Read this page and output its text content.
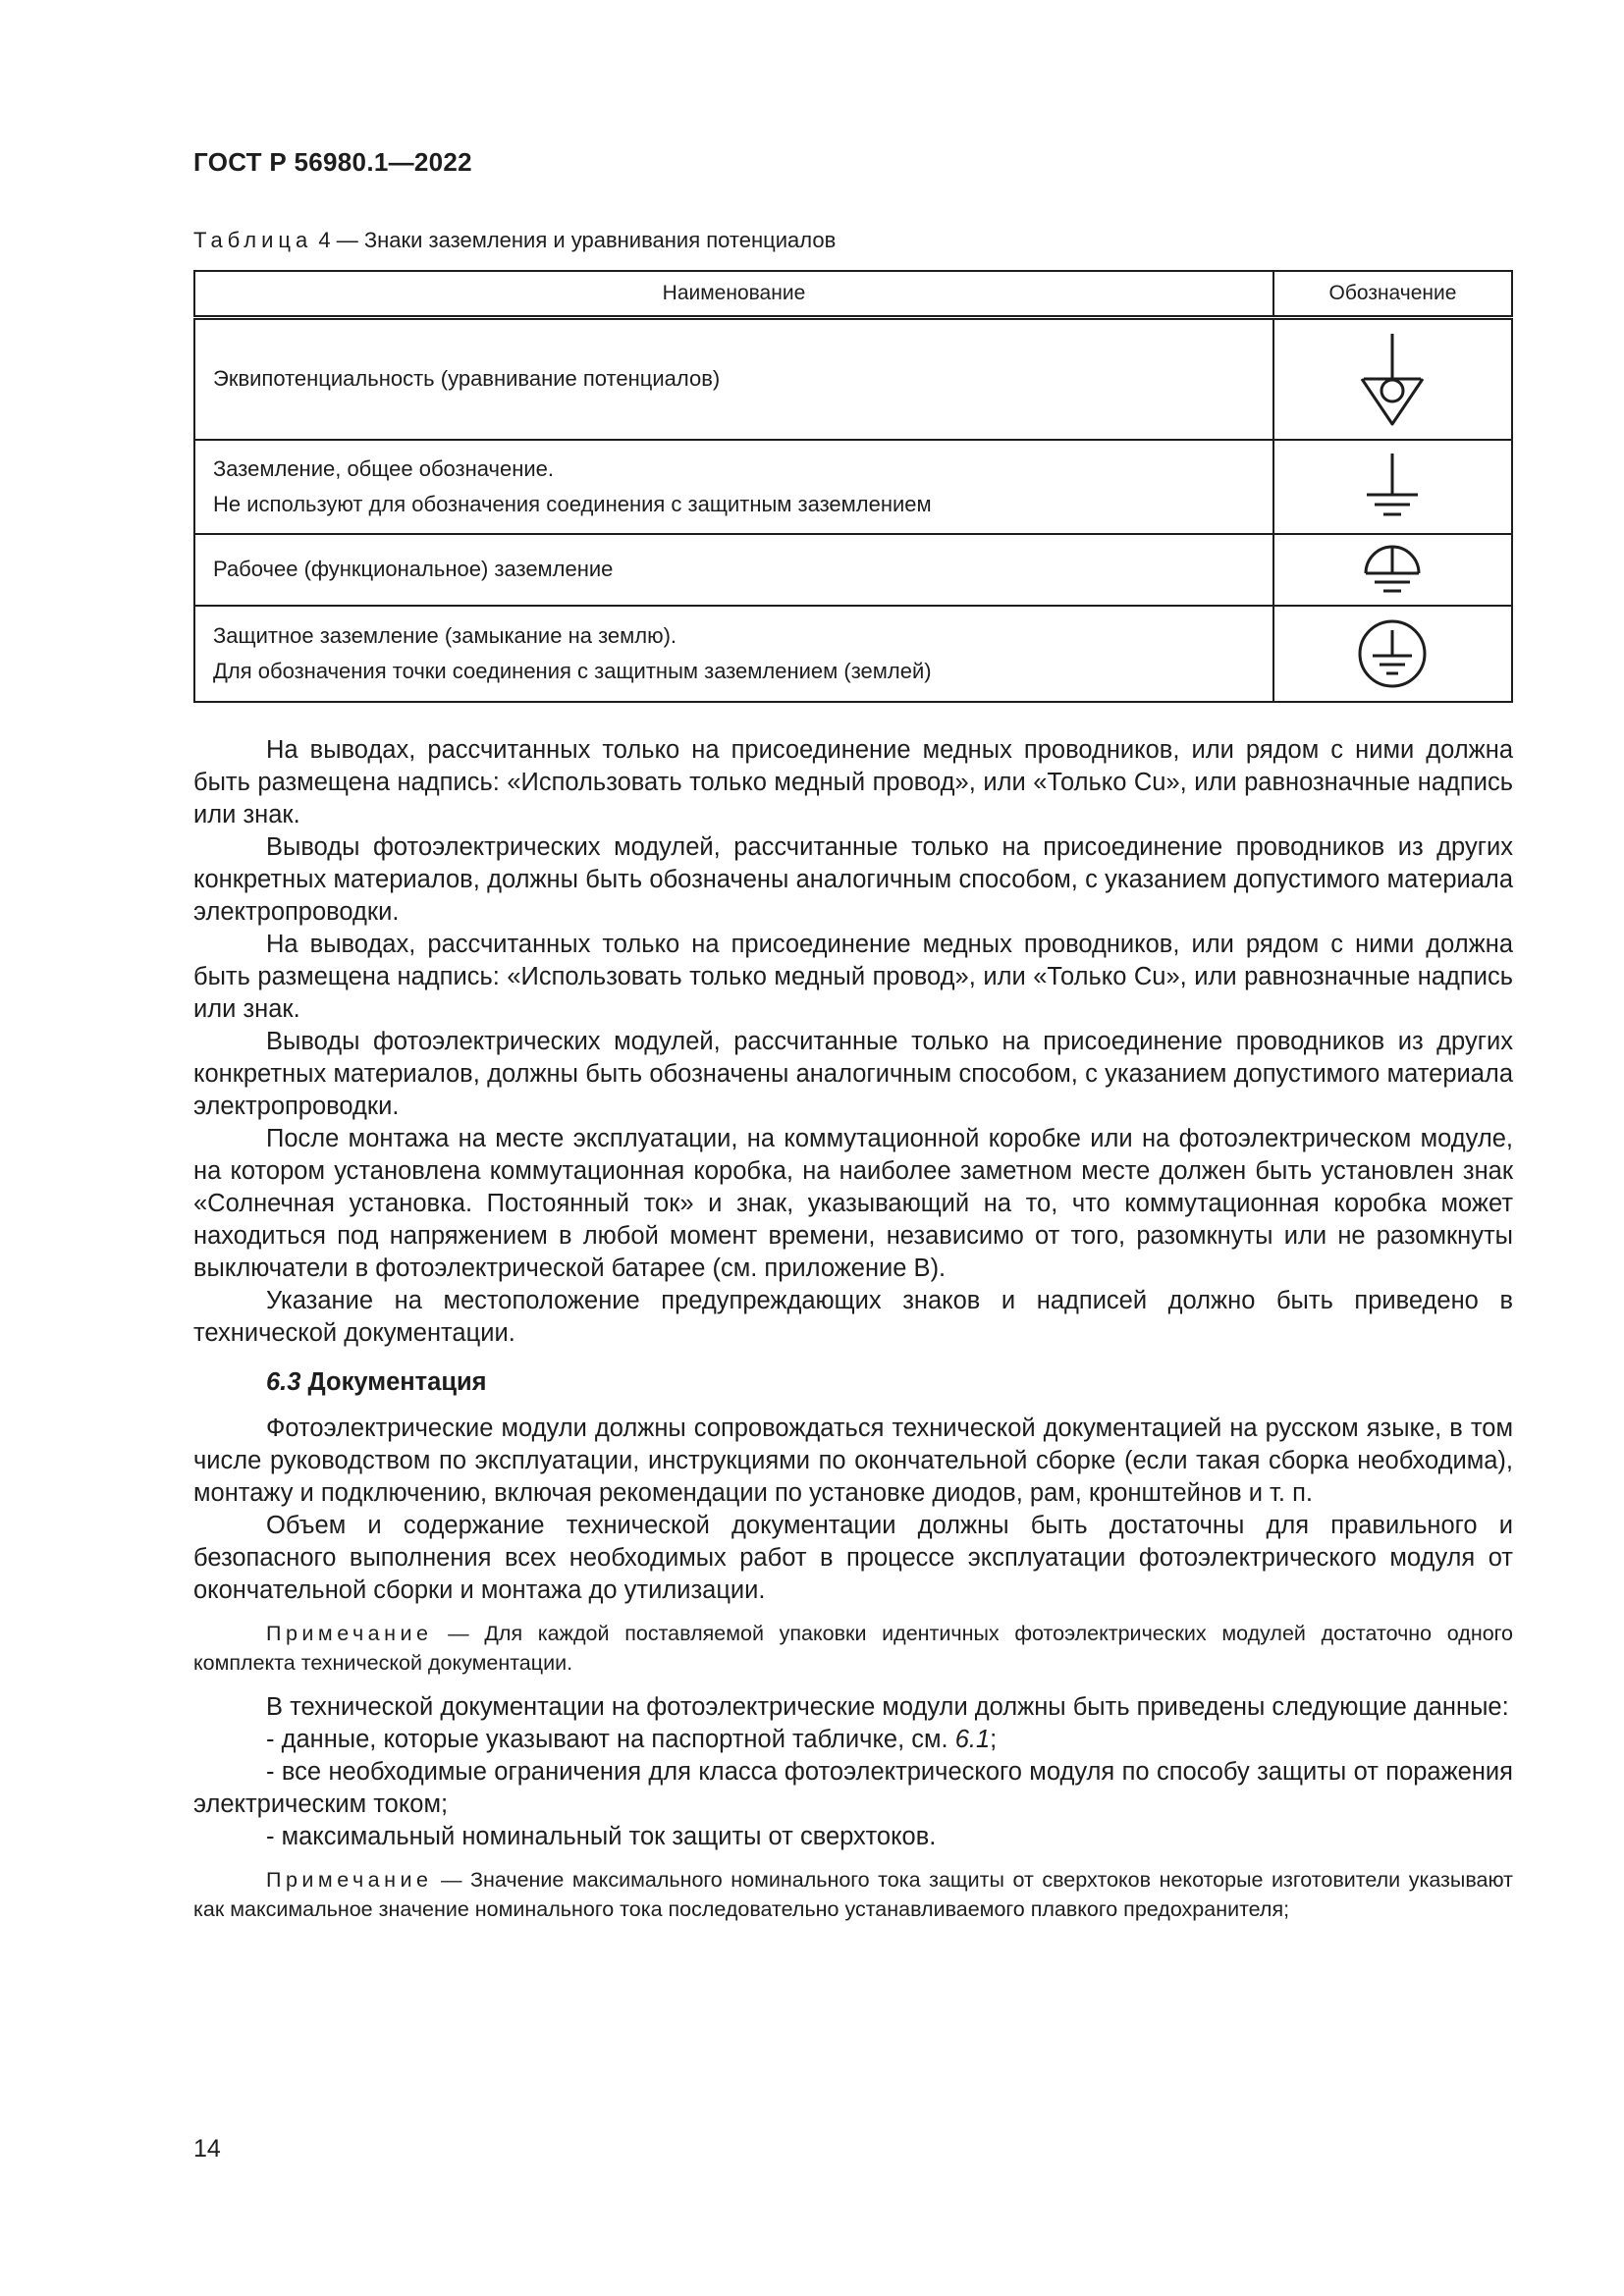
ГОСТ Р 56980.1—2022
Таблица 4 — Знаки заземления и уравнивания потенциалов
Наименование	Обозначение

Эквипотенциальность (уравнивание потенциалов)

Заземление, общее обозначение.
Не используют для обозначения соединения с защитным заземлением

Рабочее (функциональное) заземление

Защитное заземление (замыкание на землю).
Для обозначения точки соединения с защитным заземлением (землей)

На выводах, рассчитанных только на присоединение медных проводников, или рядом с ними должна быть размещена надпись: «Использовать только медный провод», или «Только Cu», или равнозначные надпись или знак.

Выводы фотоэлектрических модулей, рассчитанные только на присоединение проводников из других конкретных материалов, должны быть обозначены аналогичным способом, с указанием допустимого материала электропроводки.

На выводах, рассчитанных только на присоединение медных проводников, или рядом с ними должна быть размещена надпись: «Использовать только медный провод», или «Только Cu», или равнозначные надпись или знак.

Выводы фотоэлектрических модулей, рассчитанные только на присоединение проводников из других конкретных материалов, должны быть обозначены аналогичным способом, с указанием допустимого материала электропроводки.

После монтажа на месте эксплуатации, на коммутационной коробке или на фотоэлектрическом модуле, на котором установлена коммутационная коробка, на наиболее заметном месте должен быть установлен знак «Солнечная установка. Постоянный ток» и знак, указывающий на то, что коммутационная коробка может находиться под напряжением в любой момент времени, независимо от того, разомкнуты или не разомкнуты выключатели в фотоэлектрической батарее (см. приложение В).

Указание на местоположение предупреждающих знаков и надписей должно быть приведено в технической документации.

6.3 Документация

Фотоэлектрические модули должны сопровождаться технической документацией на русском языке, в том числе руководством по эксплуатации, инструкциями по окончательной сборке (если такая сборка необходима), монтажу и подключению, включая рекомендации по установке диодов, рам, кронштейнов и т. п.

Объем и содержание технической документации должны быть достаточны для правильного и безопасного выполнения всех необходимых работ в процессе эксплуатации фотоэлектрического модуля от окончательной сборки и монтажа до утилизации.

Примечание — Для каждой поставляемой упаковки идентичных фотоэлектрических модулей достаточно одного комплекта технической документации.

В технической документации на фотоэлектрические модули должны быть приведены следующие данные:

- данные, которые указывают на паспортной табличке, см. 6.1;

- все необходимые ограничения для класса фотоэлектрического модуля по способу защиты от поражения электрическим током;

- максимальный номинальный ток защиты от сверхтоков.

Примечание — Значение максимального номинального тока защиты от сверхтоков некоторые изготовители указывают как максимальное значение номинального тока последовательно устанавливаемого плавкого предохранителя;

14
